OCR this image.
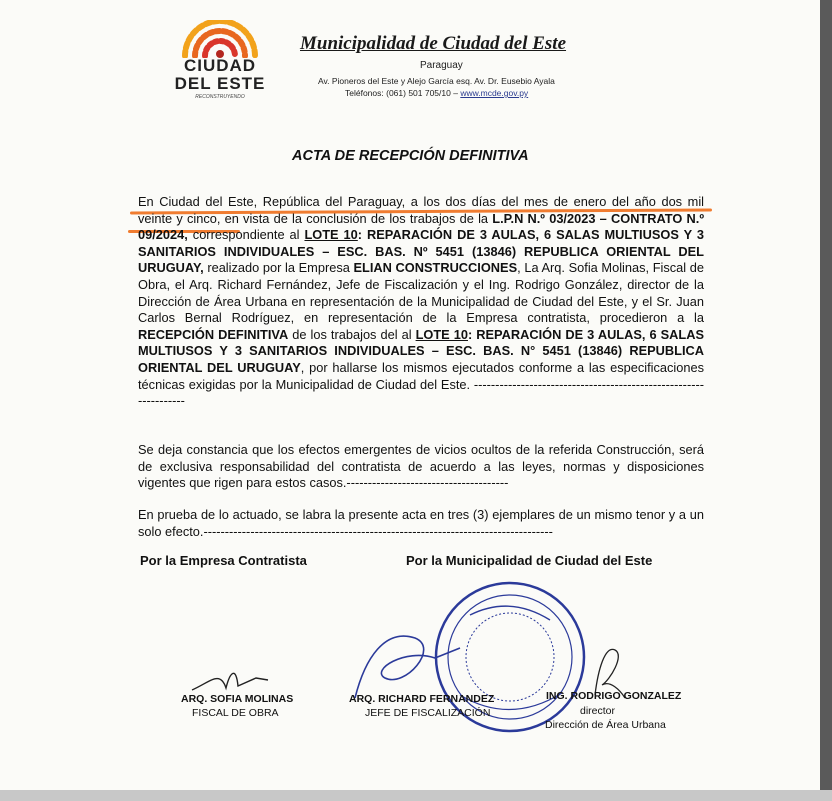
CIUDAD
DEL ESTE
RECONSTRUYENDO
Municipalidad de Ciudad del Este
Paraguay
Av. Pioneros del Este y Alejo García esq. Av. Dr. Eusebio Ayala
Teléfonos: (061) 501 705/10 – www.mcde.gov.py
ACTA DE RECEPCIÓN DEFINITIVA
En Ciudad del Este, República del Paraguay, a los dos días del mes de enero del año dos mil veinte y cinco, en vista de la conclusión de los trabajos de la L.P.N N.º 03/2023 – CONTRATO N.º 09/2024, correspondiente al LOTE 10: REPARACIÓN DE 3 AULAS, 6 SALAS MULTIUSOS Y 3 SANITARIOS INDIVIDUALES – ESC. BAS. Nº 5451 (13846) REPUBLICA ORIENTAL DEL URUGUAY, realizado por la Empresa ELIAN CONSTRUCCIONES, La Arq. Sofia Molinas, Fiscal de Obra, el Arq. Richard Fernández, Jefe de Fiscalización y el Ing. Rodrigo González, director de la Dirección de Área Urbana en representación de la Municipalidad de Ciudad del Este, y el Sr. Juan Carlos Bernal Rodríguez, en representación de la Empresa contratista, procedieron a la RECEPCIÓN DEFINITIVA de los trabajos del al LOTE 10: REPARACIÓN DE 3 AULAS, 6 SALAS MULTIUSOS Y 3 SANITARIOS INDIVIDUALES – ESC. BAS. N° 5451 (13846) REPUBLICA ORIENTAL DEL URUGUAY, por hallarse los mismos ejecutados conforme a las especificaciones técnicas exigidas por la Municipalidad de Ciudad del Este. -----------------------------------------------------------------
Se deja constancia que los efectos emergentes de vicios ocultos de la referida Construcción, será de exclusiva responsabilidad del contratista de acuerdo a las leyes, normas y disposiciones vigentes que rigen para estos casos.--------------------------------------
En prueba de lo actuado, se labra la presente acta en tres (3) ejemplares de un mismo tenor y a un solo efecto.----------------------------------------------------------------------------------
Por la Empresa Contratista	Por la Municipalidad de Ciudad del Este
ARQ. SOFIA MOLINAS
FISCAL DE OBRA
ARQ. RICHARD FERNANDEZ
JEFE DE FISCALIZACIÓN
ING. RODRIGO GONZALEZ
director
Dirección de Área Urbana
